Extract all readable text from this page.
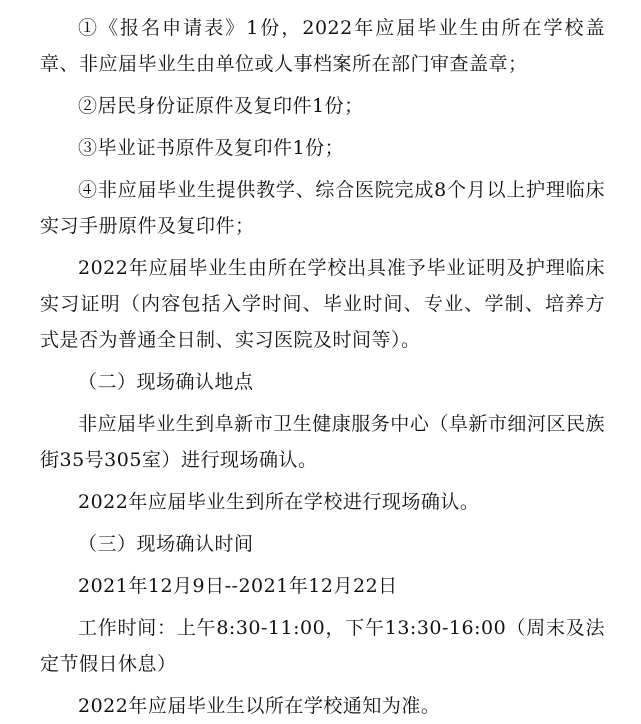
①《报名申请表》1份，2022年应届毕业生由所在学校盖章、非应届毕业生由单位或人事档案所在部门审查盖章；

②居民身份证原件及复印件1份；

③毕业证书原件及复印件1份；

④非应届毕业生提供教学、综合医院完成8个月以上护理临床实习手册原件及复印件；

2022年应届毕业生由所在学校出具准予毕业证明及护理临床实习证明（内容包括入学时间、毕业时间、专业、学制、培养方式是否为普通全日制、实习医院及时间等）。

（二）现场确认地点

非应届毕业生到阜新市卫生健康服务中心（阜新市细河区民族街35号305室）进行现场确认。

2022年应届毕业生到所在学校进行现场确认。

（三）现场确认时间

2021年12月9日--2021年12月22日

工作时间：上午8:30-11:00，下午13:30-16:00（周末及法定节假日休息）

2022年应届毕业生以所在学校通知为准。
